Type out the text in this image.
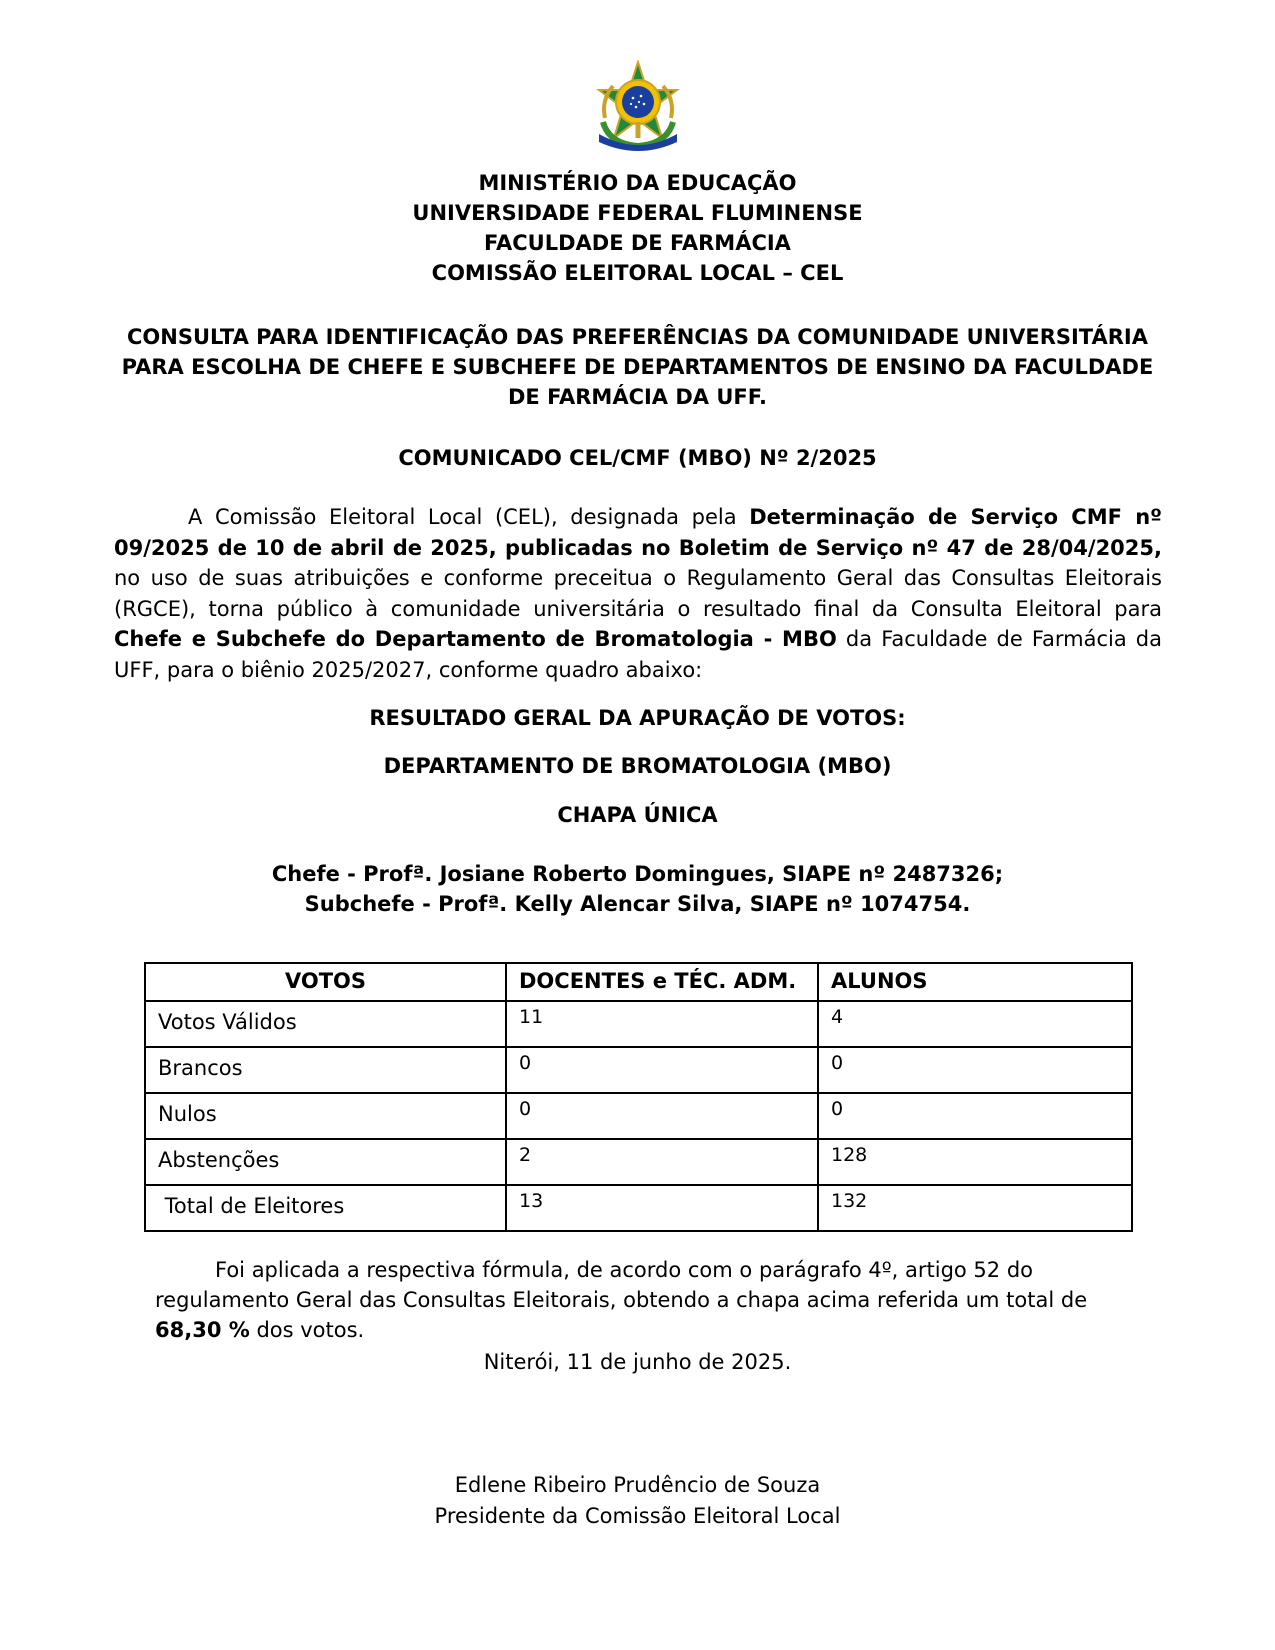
MINISTÉRIO DA EDUCAÇÃO
UNIVERSIDADE FEDERAL FLUMINENSE
FACULDADE DE FARMÁCIA
COMISSÃO ELEITORAL LOCAL – CEL
CONSULTA PARA IDENTIFICAÇÃO DAS PREFERÊNCIAS DA COMUNIDADE UNIVERSITÁRIA PARA ESCOLHA DE CHEFE E SUBCHEFE DE DEPARTAMENTOS DE ENSINO DA FACULDADE DE FARMÁCIA DA UFF.
COMUNICADO CEL/CMF (MBO) Nº 2/2025
A Comissão Eleitoral Local (CEL), designada pela Determinação de Serviço CMF nº 09/2025 de 10 de abril de 2025, publicadas no Boletim de Serviço nº 47 de 28/04/2025, no uso de suas atribuições e conforme preceitua o Regulamento Geral das Consultas Eleitorais (RGCE), torna público à comunidade universitária o resultado final da Consulta Eleitoral para Chefe e Subchefe do Departamento de Bromatologia - MBO da Faculdade de Farmácia da UFF, para o biênio 2025/2027, conforme quadro abaixo:
RESULTADO GERAL DA APURAÇÃO DE VOTOS:
DEPARTAMENTO DE BROMATOLOGIA (MBO)
CHAPA ÚNICA
Chefe - Profª. Josiane Roberto Domingues, SIAPE nº 2487326;
Subchefe - Profª. Kelly Alencar Silva, SIAPE nº 1074754.
VOTOS	DOCENTES e TÉC. ADM.	ALUNOS
Votos Válidos	11	4
Brancos	0	0
Nulos	0	0
Abstenções	2	128
Total de Eleitores	13	132
Foi aplicada a respectiva fórmula, de acordo com o parágrafo 4º, artigo 52 do regulamento Geral das Consultas Eleitorais, obtendo a chapa acima referida um total de 68,30 % dos votos.
Niterói, 11 de junho de 2025.
Edlene Ribeiro Prudêncio de Souza
Presidente da Comissão Eleitoral Local
